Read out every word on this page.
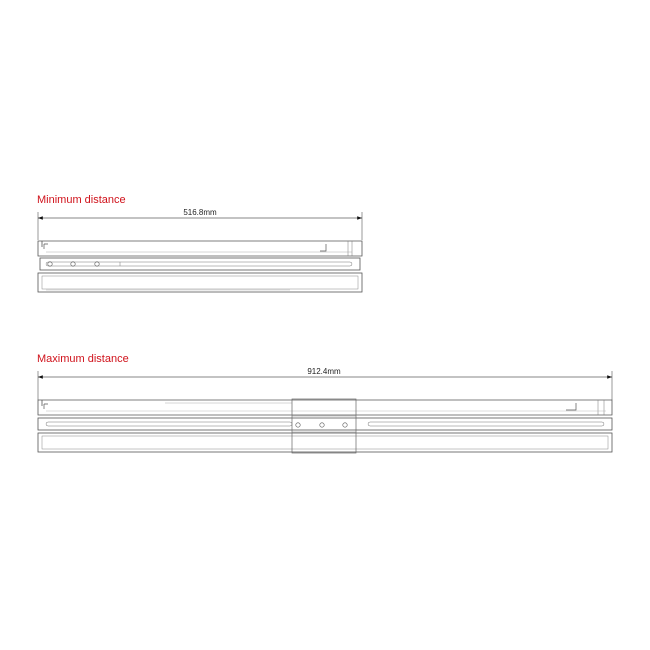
Minimum distance
516.8mm
Maximum distance
912.4mm
